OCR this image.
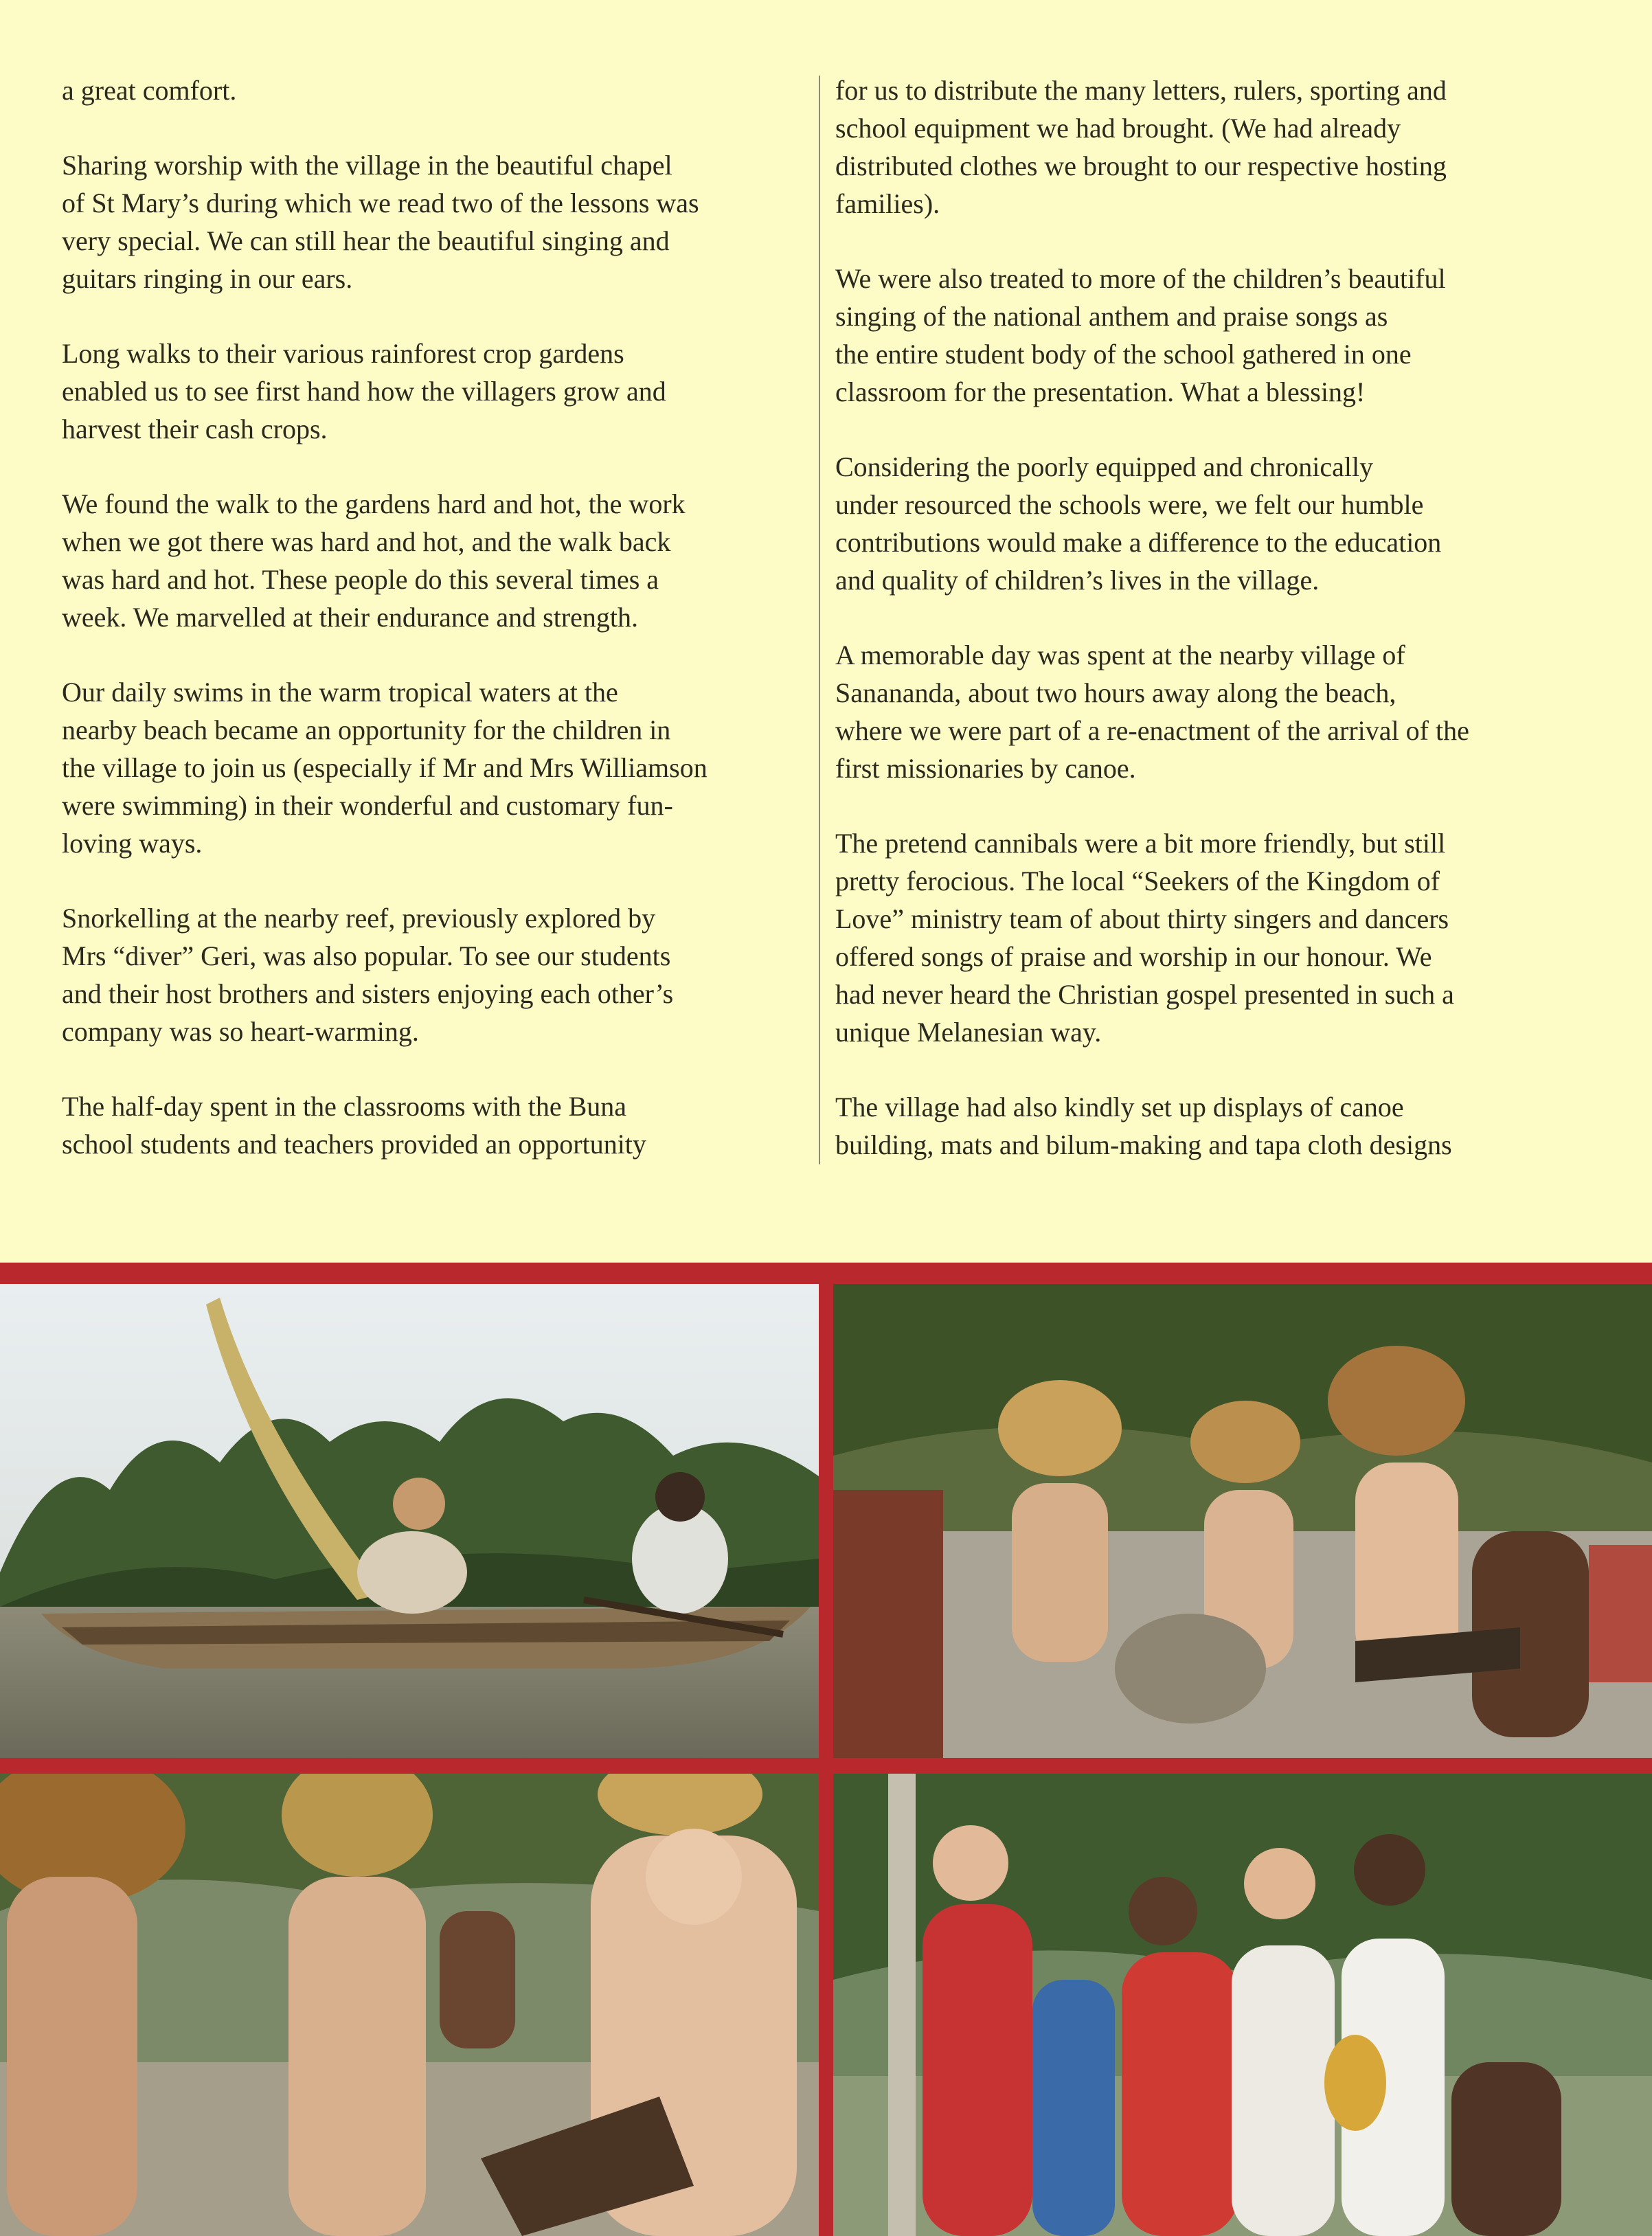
a great comfort.

Sharing worship with the village in the beautiful chapel
of St Mary’s during which we read two of the lessons was
very special. We can still hear the beautiful singing and
guitars ringing in our ears.

Long walks to their various rainforest crop gardens
enabled us to see first hand how the villagers grow and
harvest their cash crops.

We found the walk to the gardens hard and hot, the work
when we got there was hard and hot, and the walk back
was hard and hot. These people do this several times a
week. We marvelled at their endurance and strength.

Our daily swims in the warm tropical waters at the
nearby beach became an opportunity for the children in
the village to join us (especially if Mr and Mrs Williamson
were swimming) in their wonderful and customary fun-
loving ways.

Snorkelling at the nearby reef, previously explored by
Mrs “diver” Geri, was also popular. To see our students
and their host brothers and sisters enjoying each other’s
company was so heart-warming.

The half-day spent in the classrooms with the Buna
school students and teachers provided an opportunity

for us to distribute the many letters, rulers, sporting and
school equipment we had brought. (We had already
distributed clothes we brought to our respective hosting
families).

We were also treated to more of the children’s beautiful
singing of the national anthem and praise songs as
the entire student body of the school gathered in one
classroom for the presentation. What a blessing!

Considering the poorly equipped and chronically
under resourced the schools were, we felt our humble
contributions would make a difference to the education
and quality of children’s lives in the village.

A memorable day was spent at the nearby village of
Sananandа, about two hours away along the beach,
where we were part of a re-enactment of the arrival of the
first missionaries by canoe.

The pretend cannibals were a bit more friendly, but still
pretty ferocious. The local “Seekers of the Kingdom of
Love” ministry team of about thirty singers and dancers
offered songs of praise and worship in our honour. We
had never heard the Christian gospel presented in such a
unique Melanesian way.

The village had also kindly set up displays of canoe
building, mats and bilum-making and tapa cloth designs
